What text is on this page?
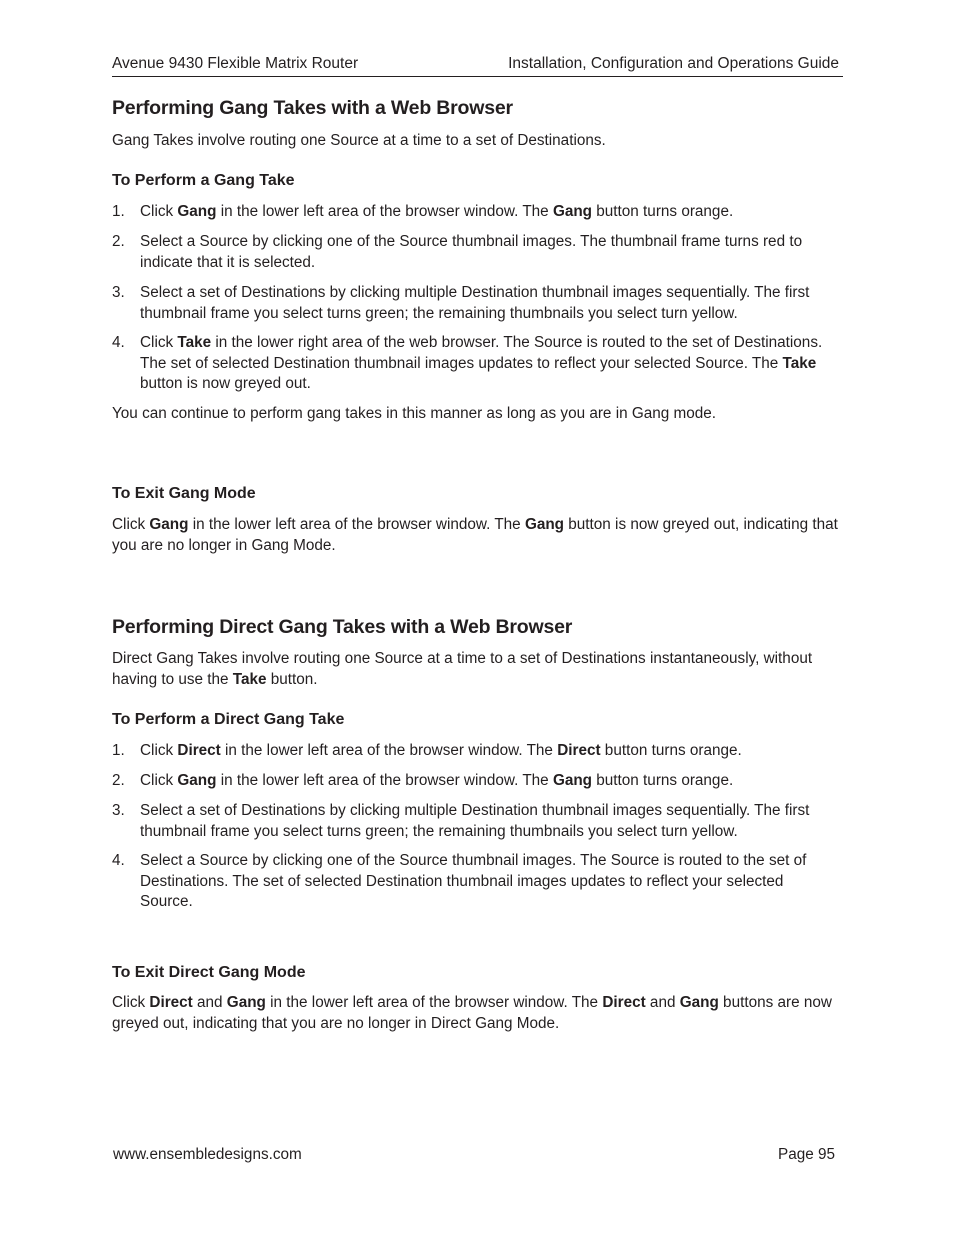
Avenue 9430 Flexible Matrix Router	Installation, Configuration and Operations Guide
Performing Gang Takes with a Web Browser

Gang Takes involve routing one Source at a time to a set of Destinations.

To Perform a Gang Take
1. Click Gang in the lower left area of the browser window. The Gang button turns orange.
2. Select a Source by clicking one of the Source thumbnail images. The thumbnail frame turns red to indicate that it is selected.
3. Select a set of Destinations by clicking multiple Destination thumbnail images sequentially. The first thumbnail frame you select turns green; the remaining thumbnails you select turn yellow.
4. Click Take in the lower right area of the web browser. The Source is routed to the set of Destinations. The set of selected Destination thumbnail images updates to reflect your selected Source. The Take button is now greyed out.

You can continue to perform gang takes in this manner as long as you are in Gang mode.

To Exit Gang Mode

Click Gang in the lower left area of the browser window. The Gang button is now greyed out, indicating that you are no longer in Gang Mode.

Performing Direct Gang Takes with a Web Browser

Direct Gang Takes involve routing one Source at a time to a set of Destinations instantaneously, without having to use the Take button.

To Perform a Direct Gang Take
1. Click Direct in the lower left area of the browser window. The Direct button turns orange.
2. Click Gang in the lower left area of the browser window. The Gang button turns orange.
3. Select a set of Destinations by clicking multiple Destination thumbnail images sequentially. The first thumbnail frame you select turns green; the remaining thumbnails you select turn yellow.
4. Select a Source by clicking one of the Source thumbnail images. The Source is routed to the set of Destinations. The set of selected Destination thumbnail images updates to reflect your selected Source.
To Exit Direct Gang Mode

Click Direct and Gang in the lower left area of the browser window. The Direct and Gang buttons are now greyed out, indicating that you are no longer in Direct Gang Mode.

www.ensembledesigns.com	Page 95
